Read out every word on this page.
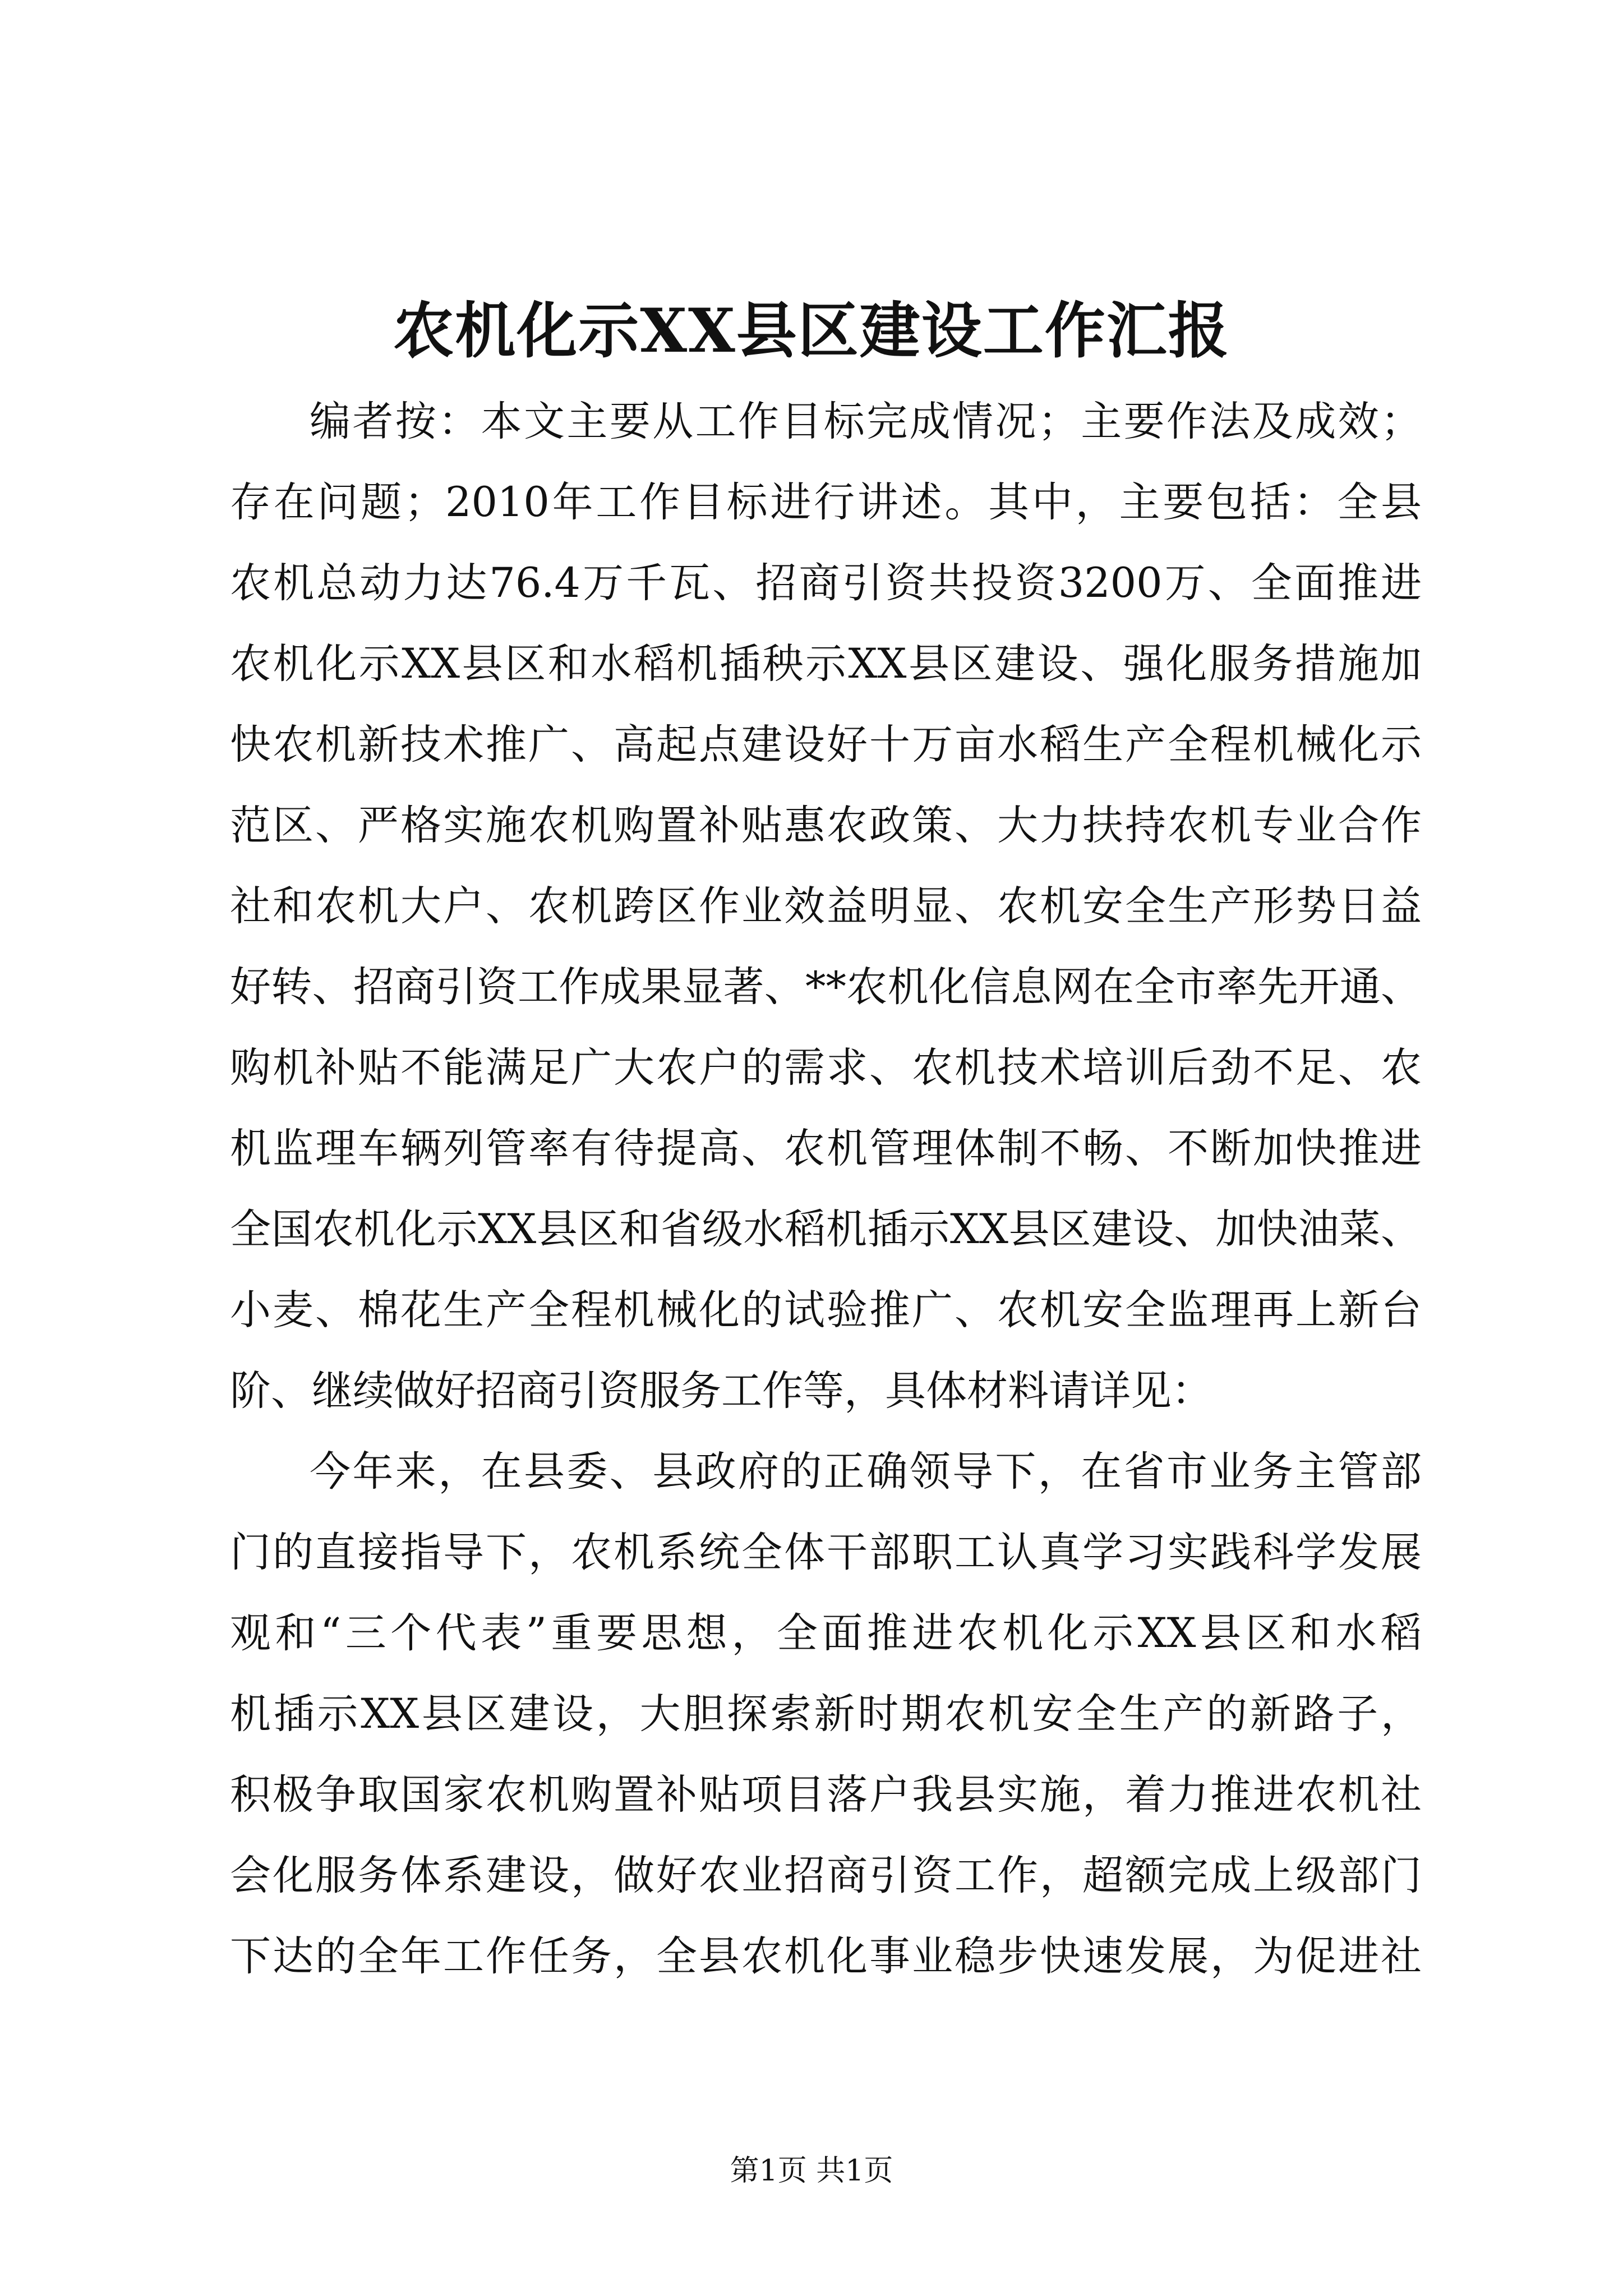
农机化示XX县区建设工作汇报
编者按：本文主要从工作目标完成情况；主要作法及成效；
存在问题；2010年工作目标进行讲述。其中，主要包括：全县
农机总动力达76.4万千瓦、招商引资共投资3200万、全面推进
农机化示XX县区和水稻机插秧示XX县区建设、强化服务措施加
快农机新技术推广、高起点建设好十万亩水稻生产全程机械化示
范区、严格实施农机购置补贴惠农政策、大力扶持农机专业合作
社和农机大户、农机跨区作业效益明显、农机安全生产形势日益
好转、招商引资工作成果显著、**农机化信息网在全市率先开通、
购机补贴不能满足广大农户的需求、农机技术培训后劲不足、农
机监理车辆列管率有待提高、农机管理体制不畅、不断加快推进
全国农机化示XX县区和省级水稻机插示XX县区建设、加快油菜、
小麦、棉花生产全程机械化的试验推广、农机安全监理再上新台
阶、继续做好招商引资服务工作等，具体材料请详见：
今年来，在县委、县政府的正确领导下，在省市业务主管部
门的直接指导下，农机系统全体干部职工认真学习实践科学发展
观和“三个代表”重要思想，全面推进农机化示XX县区和水稻
机插示XX县区建设，大胆探索新时期农机安全生产的新路子，
积极争取国家农机购置补贴项目落户我县实施，着力推进农机社
会化服务体系建设，做好农业招商引资工作，超额完成上级部门
下达的全年工作任务，全县农机化事业稳步快速发展，为促进社
第1页 共1页
